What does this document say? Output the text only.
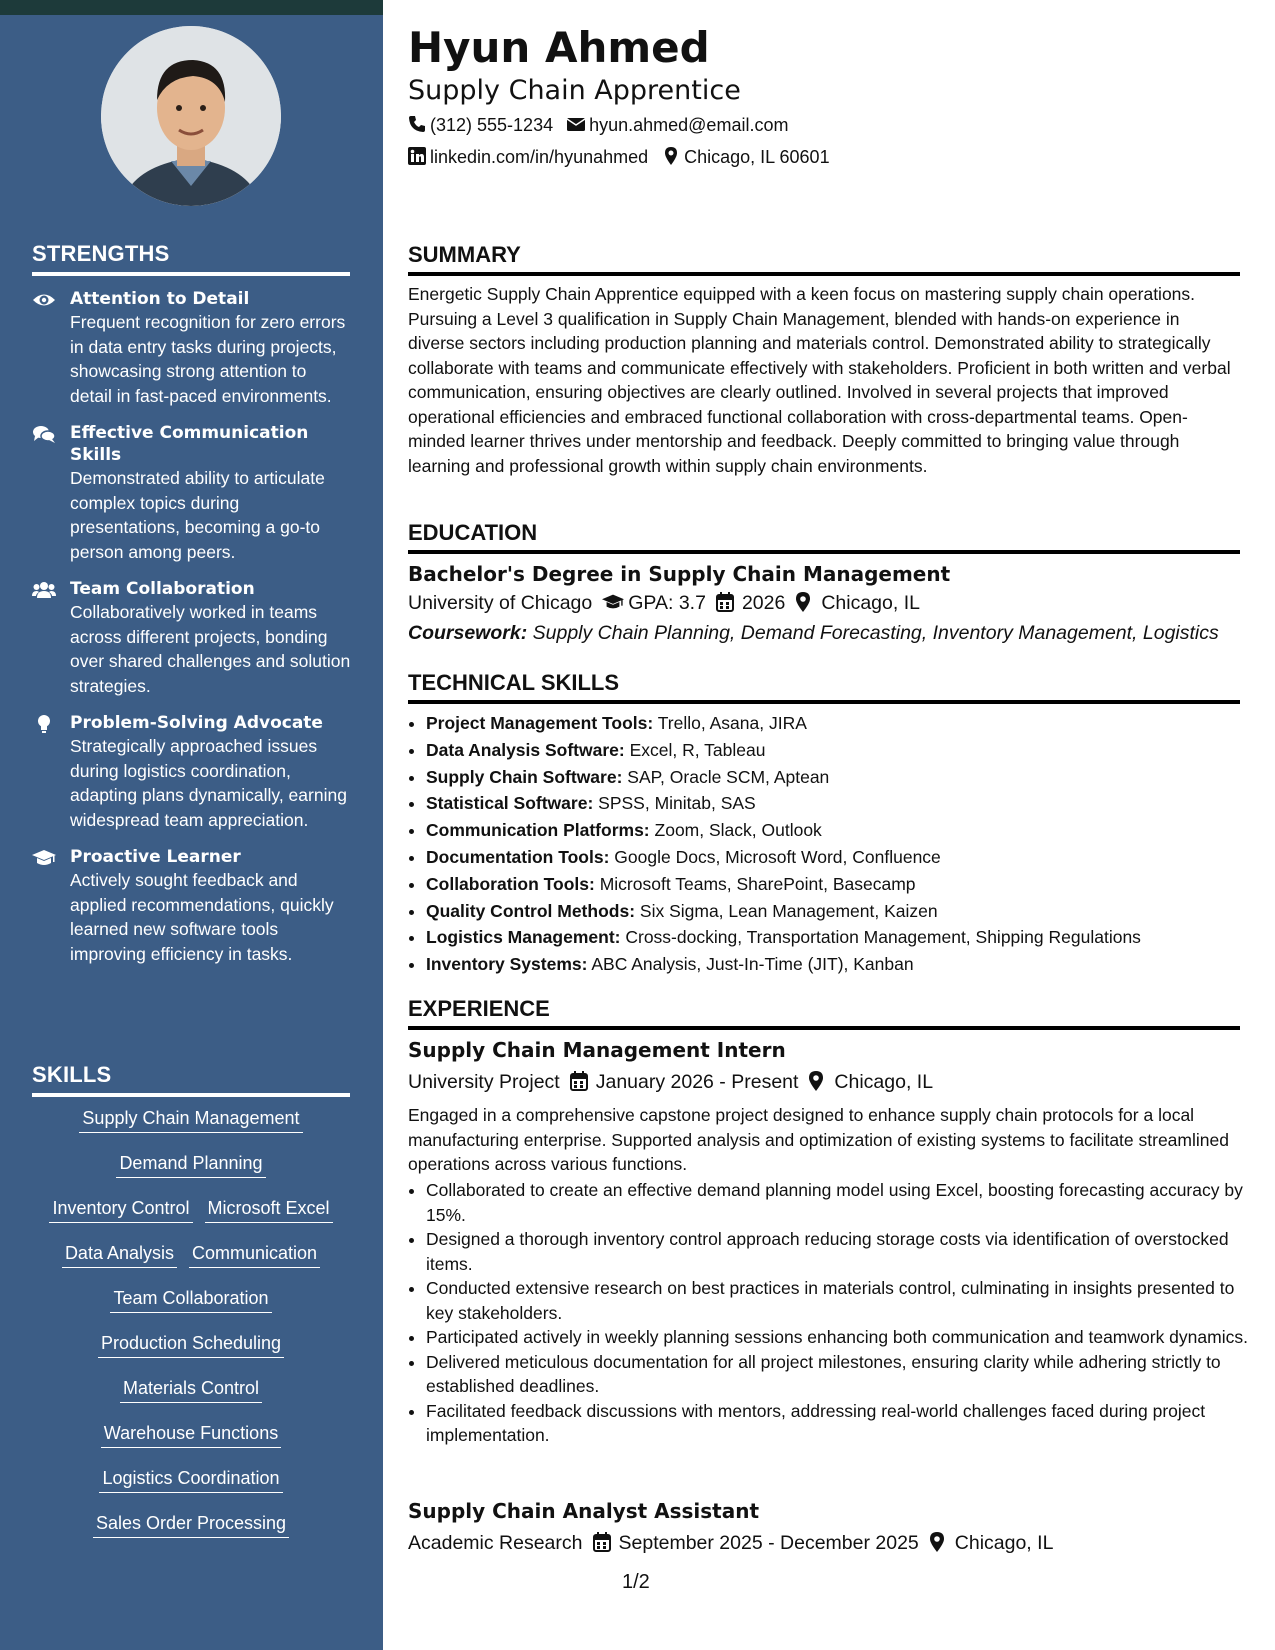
STRENGTHS
Attention to Detail
Frequent recognition for zero errors in data entry tasks during projects, showcasing strong attention to detail in fast-paced environments.
Effective Communication Skills
Demonstrated ability to articulate complex topics during presentations, becoming a go-to person among peers.
Team Collaboration
Collaboratively worked in teams across different projects, bonding over shared challenges and solution strategies.
Problem-Solving Advocate
Strategically approached issues during logistics coordination, adapting plans dynamically, earning widespread team appreciation.
Proactive Learner
Actively sought feedback and applied recommendations, quickly learned new software tools improving efficiency in tasks.
SKILLS
Supply Chain Management
Demand Planning
Inventory Control Microsoft Excel
Data Analysis Communication
Team Collaboration
Production Scheduling
Materials Control
Warehouse Functions
Logistics Coordination
Sales Order Processing
Hyun Ahmed
Supply Chain Apprentice
(312) 555-1234 hyun.ahmed@email.com
linkedin.com/in/hyunahmed Chicago, IL 60601
SUMMARY
Energetic Supply Chain Apprentice equipped with a keen focus on mastering supply chain operations. Pursuing a Level 3 qualification in Supply Chain Management, blended with hands-on experience in diverse sectors including production planning and materials control. Demonstrated ability to strategically collaborate with teams and communicate effectively with stakeholders. Proficient in both written and verbal communication, ensuring objectives are clearly outlined. Involved in several projects that improved operational efficiencies and embraced functional collaboration with cross-departmental teams. Open-minded learner thrives under mentorship and feedback. Deeply committed to bringing value through learning and professional growth within supply chain environments.
EDUCATION
Bachelor's Degree in Supply Chain Management
University of Chicago GPA: 3.7 2026 Chicago, IL
Coursework: Supply Chain Planning, Demand Forecasting, Inventory Management, Logistics
TECHNICAL SKILLS
• Project Management Tools: Trello, Asana, JIRA
• Data Analysis Software: Excel, R, Tableau
• Supply Chain Software: SAP, Oracle SCM, Aptean
• Statistical Software: SPSS, Minitab, SAS
• Communication Platforms: Zoom, Slack, Outlook
• Documentation Tools: Google Docs, Microsoft Word, Confluence
• Collaboration Tools: Microsoft Teams, SharePoint, Basecamp
• Quality Control Methods: Six Sigma, Lean Management, Kaizen
• Logistics Management: Cross-docking, Transportation Management, Shipping Regulations
• Inventory Systems: ABC Analysis, Just-In-Time (JIT), Kanban
EXPERIENCE
Supply Chain Management Intern
University Project January 2026 - Present Chicago, IL
Engaged in a comprehensive capstone project designed to enhance supply chain protocols for a local manufacturing enterprise. Supported analysis and optimization of existing systems to facilitate streamlined operations across various functions.
• Collaborated to create an effective demand planning model using Excel, boosting forecasting accuracy by 15%.
• Designed a thorough inventory control approach reducing storage costs via identification of overstocked items.
• Conducted extensive research on best practices in materials control, culminating in insights presented to key stakeholders.
• Participated actively in weekly planning sessions enhancing both communication and teamwork dynamics.
• Delivered meticulous documentation for all project milestones, ensuring clarity while adhering strictly to established deadlines.
• Facilitated feedback discussions with mentors, addressing real-world challenges faced during project implementation.
Supply Chain Analyst Assistant
Academic Research September 2025 - December 2025 Chicago, IL
1/2
